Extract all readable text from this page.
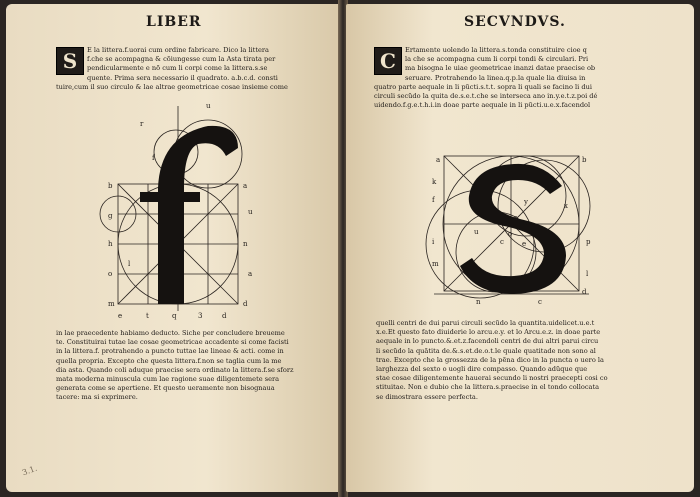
LIBER
S	E la littera.f.uorai cum ordine fabricare. Dico la littera

f.che se acompagna & cõiungesse cum la Asta tirata per

pendicularmente e nõ cum li corpi come la littera.s.se

quente. Prima sera necessario il quadrato. a.b.c.d. consti

tuire,cum il suo circulo & lae altrae geometricae cosae insieme come

u
b
g
h
o
r
f
a
n
d
m
e	t	q	3	d
u
a
l

in lae praecedente habiamo deducto. Siche per concludere breueme

te. Constituirai tutae lae cosae geometricae accadente si come facisti

in la littera.f. protrahendo a puncto tuttae lae lineae & acti. come in

quella propria. Excepto che questa littera.f.non se taglia cum la me

dia asta. Quando coli aduque praecise sera ordinato la littera.f.se sforz

mata moderna minuscula cum lae ragione suae diligentemete sera

generata come se apertiene. Et questo ueramente non bisognaua

tacere: ma si exprimere.

3.1.
SECVNDVS.
C	Ertamente uolendo la littera.s.tonda constituire cioe q

la che se acompagna cum li corpi tondi & circulari. Pri

ma bisogna le uiae geometricae inanzi datae praecise ob

seruare. Protrahendo la linea.q.p.la quale lia diuisa in

quatro parte aequale in li pũcti.s.t.t. sopra li quali se facino li dui

circuli secũdo la quita de.s.e.t.che se interseca ano in.y.e.t.z.poi dé

uidendo.f.g.e.t.h.i.in doae parte aequale in li pũcti.u.e.x.facendol

a	b
k
f
i
m
y
s
o
e
c	p
x
u
l
n	c
d

quelli centri de dui parui circuli secũdo la quantita.uidelicet.u.e.t

x.e.Et questo fato diuiderie lo arcu.e.y. et lo Arcu.e.z. in doae parte

aequale in lo puncto.&.et.z.facendoli centri de dui altri parui circu

li secũdo la quãtita de.&.s.et.de.o.t.le quale quatitade non sono al

trae. Excepto che la grossezza de la pẽna dico in la puncta o uero la

larghezza del sexto o uogli dire compasso. Quando adũque que

stae cosae diligentemente hauerai secundo li nostri praecepti cosi co

stituitae. Non e dubio che la littera.s.praecise in el tondo collocata

se dimostrara essere perfecta.
